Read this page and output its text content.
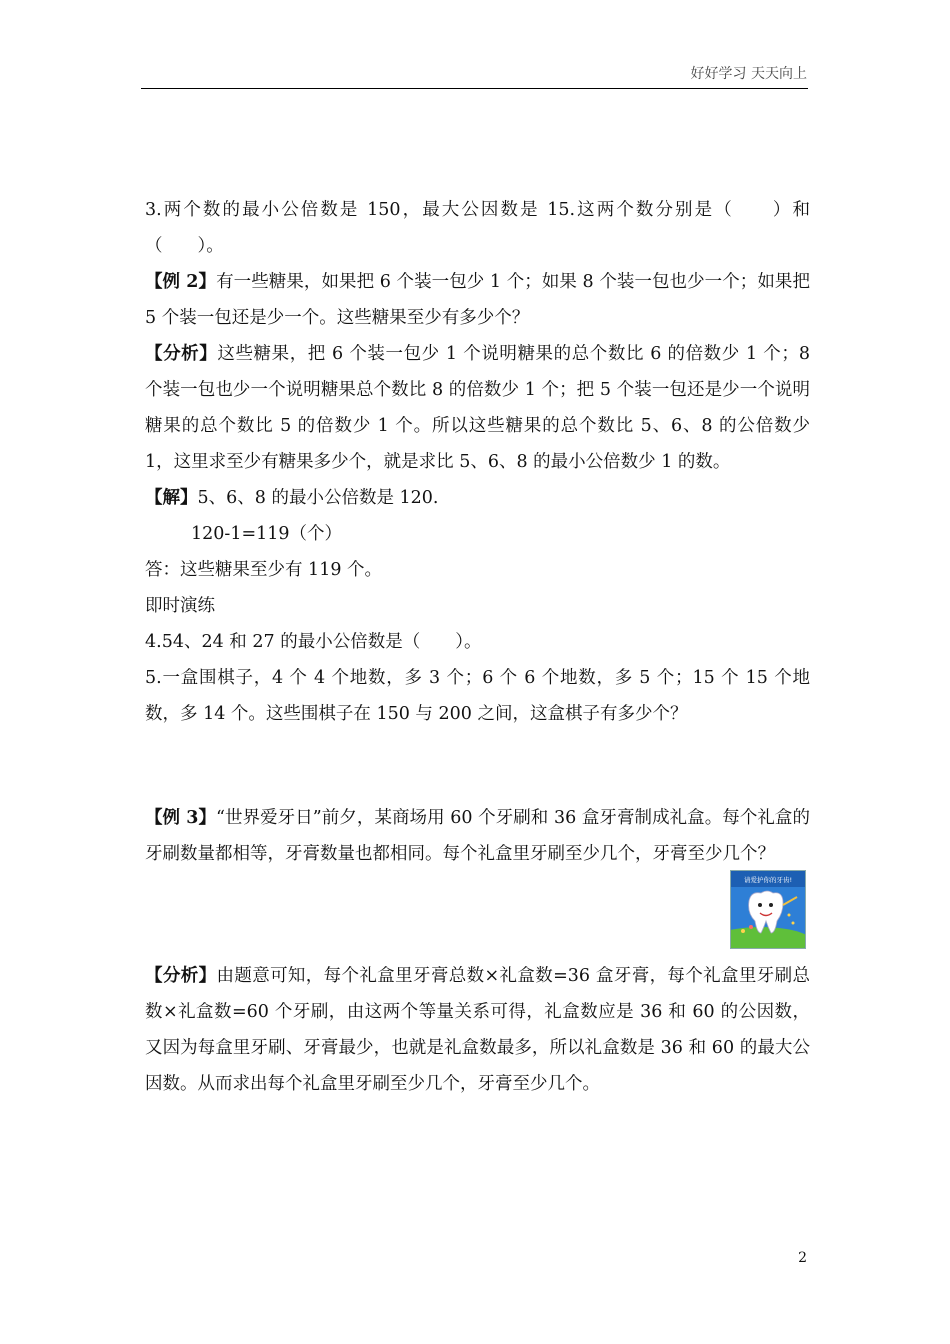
好好学习 天天向上

3.两个数的最小公倍数是 150，最大公因数是 15.这两个数分别是（　　）和（　　）。

【例 2】有一些糖果，如果把 6 个装一包少 1 个；如果 8 个装一包也少一个；如果把 5 个装一包还是少一个。这些糖果至少有多少个？

【分析】这些糖果，把 6 个装一包少 1 个说明糖果的总个数比 6 的倍数少 1 个；8 个装一包也少一个说明糖果总个数比 8 的倍数少 1 个；把 5 个装一包还是少一个说明糖果的总个数比 5 的倍数少 1 个。所以这些糖果的总个数比 5、6、8 的公倍数少 1，这里求至少有糖果多少个，就是求比 5、6、8 的最小公倍数少 1 的数。

【解】5、6、8 的最小公倍数是 120.

120-1=119（个）

答：这些糖果至少有 119 个。

即时演练

4.54、24 和 27 的最小公倍数是（　　）。

5.一盒围棋子，4 个 4 个地数，多 3 个；6 个 6 个地数，多 5 个；15 个 15 个地数，多 14 个。这些围棋子在 150 与 200 之间，这盒棋子有多少个？

【例 3】“世界爱牙日”前夕，某商场用 60 个牙刷和 36 盒牙膏制成礼盒。每个礼盒的牙刷数量都相等，牙膏数量也都相同。每个礼盒里牙刷至少几个，牙膏至少几个？

请爱护你的牙齿!

【分析】由题意可知，每个礼盒里牙膏总数×礼盒数=36 盒牙膏，每个礼盒里牙刷总数×礼盒数=60 个牙刷，由这两个等量关系可得，礼盒数应是 36 和 60 的公因数，又因为每盒里牙刷、牙膏最少，也就是礼盒数最多，所以礼盒数是 36 和 60 的最大公因数。从而求出每个礼盒里牙刷至少几个，牙膏至少几个。

2
